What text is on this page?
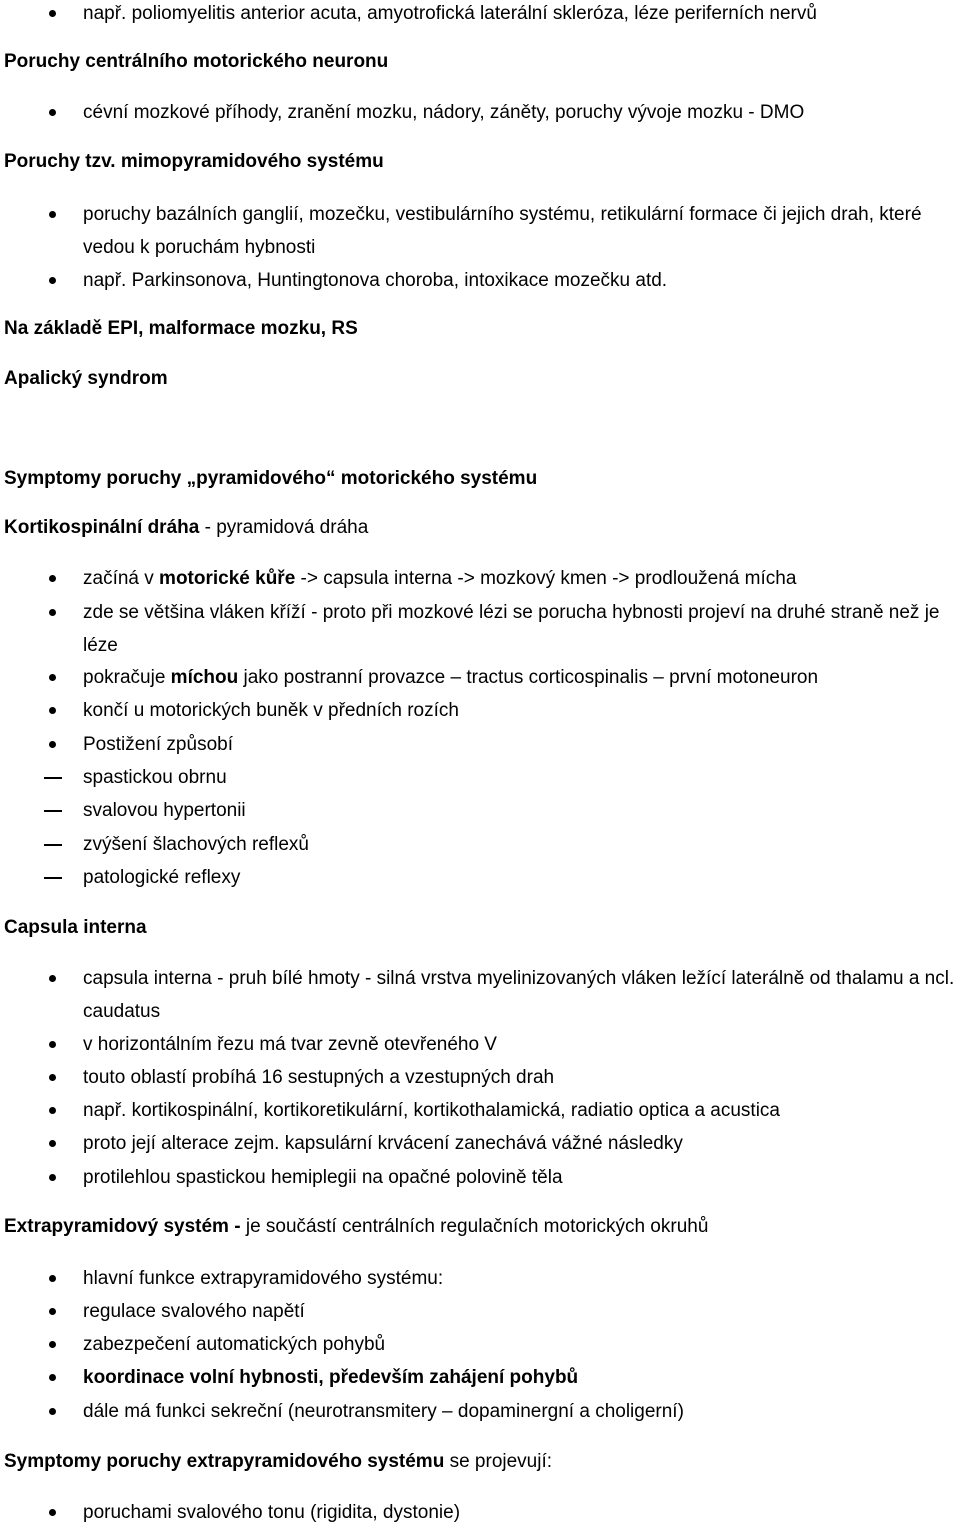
např. poliomyelitis anterior acuta, amyotrofická laterální skleróza, léze periferních nervů
Poruchy centrálního motorického neuronu
cévní mozkové příhody, zranění mozku, nádory, záněty, poruchy vývoje mozku - DMO
Poruchy tzv. mimopyramidového systému
poruchy bazálních ganglií, mozečku, vestibulárního systému, retikulární formace či jejich drah, které vedou k poruchám hybnosti
např. Parkinsonova, Huntingtonova choroba, intoxikace mozečku atd.
Na základě EPI, malformace mozku, RS
Apalický syndrom
Symptomy poruchy „pyramidového“ motorického systému
Kortikospinální dráha - pyramidová dráha
začíná v motorické kůře -> capsula interna -> mozkový kmen -> prodloužená mícha
zde se většina vláken kříží - proto při mozkové lézi se porucha hybnosti projeví na druhé straně než je léze
pokračuje míchou jako postranní provazce – tractus corticospinalis – první motoneuron
končí u motorických buněk v předních rozích
Postižení způsobí
spastickou obrnu
svalovou hypertonii
zvýšení šlachových reflexů
patologické reflexy
Capsula interna
capsula interna - pruh bílé hmoty - silná vrstva myelinizovaných vláken ležící laterálně od thalamu a ncl. caudatus
v horizontálním řezu má tvar zevně otevřeného V
touto oblastí probíhá 16 sestupných a vzestupných drah
např. kortikospinální, kortikoretikulární, kortikothalamická, radiatio optica a acustica
proto její alterace zejm. kapsulární krvácení zanechává vážné následky
protilehlou spastickou hemiplegii na opačné polovině těla
Extrapyramidový systém - je součástí centrálních regulačních motorických okruhů
hlavní funkce extrapyramidového systému:
regulace svalového napětí
zabezpečení automatických pohybů
koordinace volní hybnosti, především zahájení pohybů
dále má funkci sekreční (neurotransmitery – dopaminergní a choligerní)
Symptomy poruchy extrapyramidového systému se projevují:
poruchami svalového tonu (rigidita, dystonie)
